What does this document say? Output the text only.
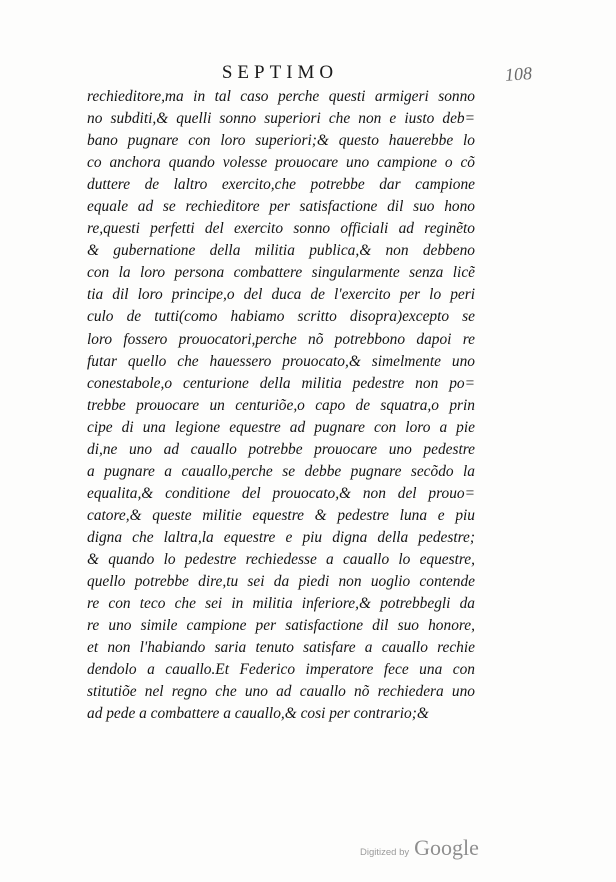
SEPTIMO	108
rechieditore,ma in tal caso perche questi armigeri sonno
no subditi,& quelli sonno superiori che non e iusto deb=
bano pugnare con loro superiori;& questo hauerebbe lo
co anchora quando volesse prouocare uno campione o cõ
duttere de laltro exercito,che potrebbe dar campione
equale ad se rechieditore per satisfactione dil suo hono
re,questi perfetti del exercito sonno officiali ad reginẽto
& gubernatione della militia publica,& non debbeno
con la loro persona combattere singularmente senza licẽ
tia dil loro principe,o del duca de l'exercito per lo peri
culo de tutti(como habiamo scritto disopra)excepto se
loro fossero prouocatori,perche nõ potrebbono dapoi re
futar quello che hauessero prouocato,& simelmente uno
conestabole,o centurione della militia pedestre non po=
trebbe prouocare un centuriõe,o capo de squatra,o prin
cipe di una legione equestre ad pugnare con loro a pie
di,ne uno ad cauallo potrebbe prouocare uno pedestre
a pugnare a cauallo,perche se debbe pugnare secõdo la
equalita,& conditione del prouocato,& non del prouo=
catore,& queste militie equestre & pedestre luna e piu
digna che laltra,la equestre e piu digna della pedestre;
& quando lo pedestre rechiedesse a cauallo lo equestre,
quello potrebbe dire,tu sei da piedi non uoglio contende
re con teco che sei in militia inferiore,& potrebbegli da
re uno simile campione per satisfactione dil suo honore,
et non l'habiando saria tenuto satisfare a cauallo rechie
dendolo a cauallo.Et Federico imperatore fece una con
stitutiõe nel regno che uno ad cauallo nõ rechiedera uno
ad pede a combattere a cauallo,& cosi per contrario;&
Digitized by Google
